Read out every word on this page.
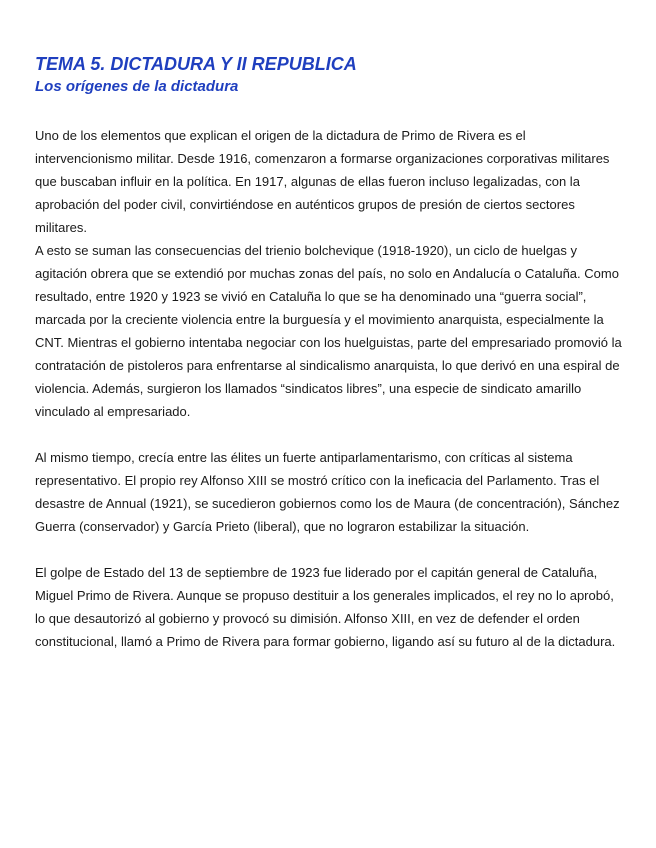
TEMA 5. DICTADURA Y II REPUBLICA
Los orígenes de la dictadura

Uno de los elementos que explican el origen de la dictadura de Primo de Rivera es el intervencionismo militar. Desde 1916, comenzaron a formarse organizaciones corporativas militares que buscaban influir en la política. En 1917, algunas de ellas fueron incluso legalizadas, con la aprobación del poder civil, convirtiéndose en auténticos grupos de presión de ciertos sectores militares.

A esto se suman las consecuencias del trienio bolchevique (1918-1920), un ciclo de huelgas y agitación obrera que se extendió por muchas zonas del país, no solo en Andalucía o Cataluña. Como resultado, entre 1920 y 1923 se vivió en Cataluña lo que se ha denominado una “guerra social”, marcada por la creciente violencia entre la burguesía y el movimiento anarquista, especialmente la CNT. Mientras el gobierno intentaba negociar con los huelguistas, parte del empresariado promovió la contratación de pistoleros para enfrentarse al sindicalismo anarquista, lo que derivó en una espiral de violencia. Además, surgieron los llamados “sindicatos libres”, una especie de sindicato amarillo vinculado al empresariado.

Al mismo tiempo, crecía entre las élites un fuerte antiparlamentarismo, con críticas al sistema representativo. El propio rey Alfonso XIII se mostró crítico con la ineficacia del Parlamento. Tras el desastre de Annual (1921), se sucedieron gobiernos como los de Maura (de concentración), Sánchez Guerra (conservador) y García Prieto (liberal), que no lograron estabilizar la situación.

El golpe de Estado del 13 de septiembre de 1923 fue liderado por el capitán general de Cataluña, Miguel Primo de Rivera. Aunque se propuso destituir a los generales implicados, el rey no lo aprobó, lo que desautorizó al gobierno y provocó su dimisión. Alfonso XIII, en vez de defender el orden constitucional, llamó a Primo de Rivera para formar gobierno, ligando así su futuro al de la dictadura.
